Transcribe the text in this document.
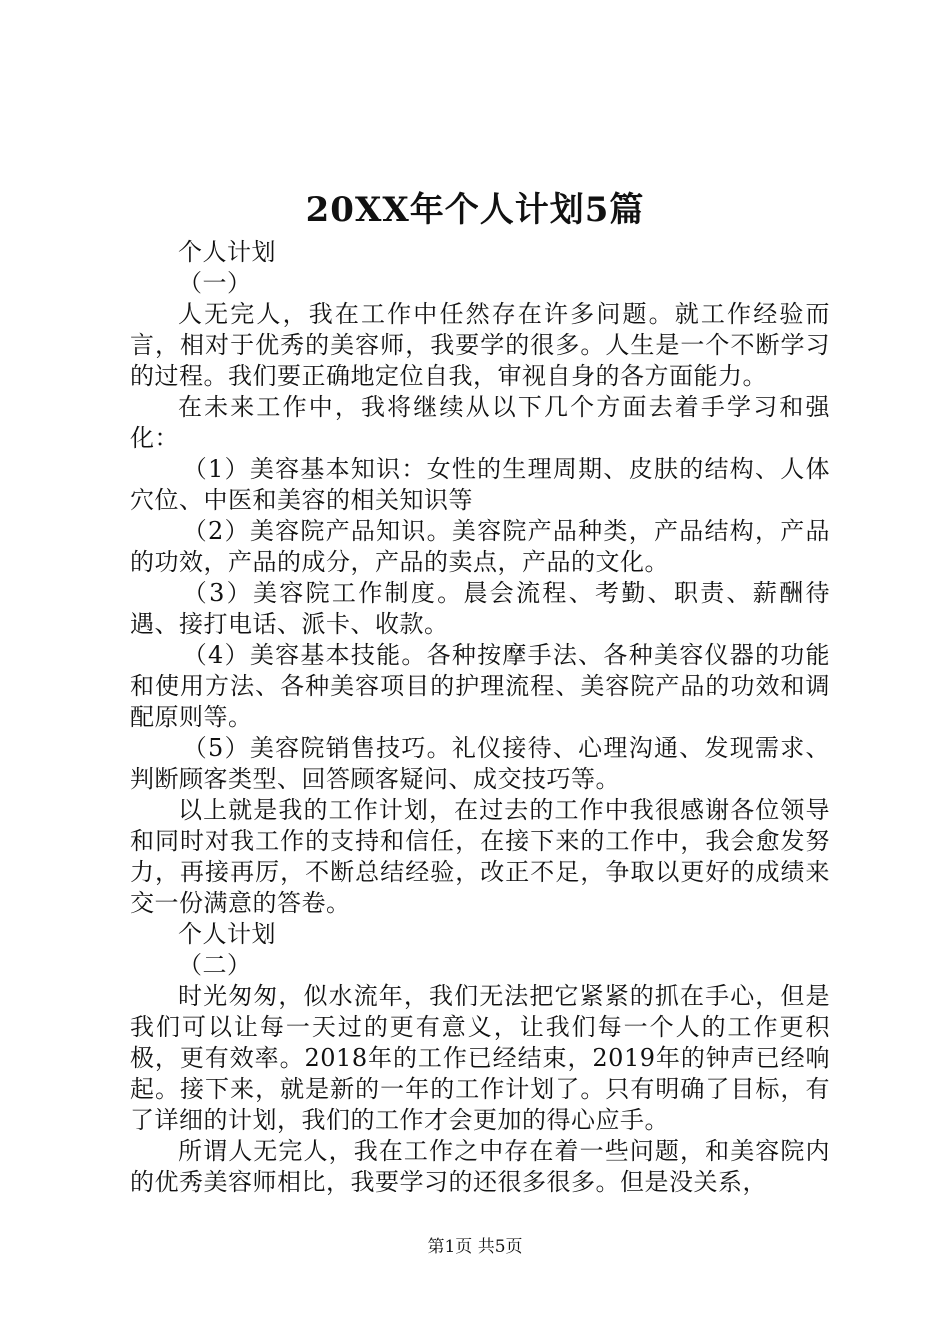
20XX年个人计划5篇

个人计划

（一）

人无完人，我在工作中任然存在许多问题。就工作经验而言，相对于优秀的美容师，我要学的很多。人生是一个不断学习的过程。我们要正确地定位自我，审视自身的各方面能力。

在未来工作中，我将继续从以下几个方面去着手学习和强化：

（1）美容基本知识：女性的生理周期、皮肤的结构、人体穴位、中医和美容的相关知识等

（2）美容院产品知识。美容院产品种类，产品结构，产品的功效，产品的成分，产品的卖点，产品的文化。

（3）美容院工作制度。晨会流程、考勤、职责、薪酬待遇、接打电话、派卡、收款。

（4）美容基本技能。各种按摩手法、各种美容仪器的功能和使用方法、各种美容项目的护理流程、美容院产品的功效和调配原则等。

（5）美容院销售技巧。礼仪接待、心理沟通、发现需求、判断顾客类型、回答顾客疑问、成交技巧等。

以上就是我的工作计划，在过去的工作中我很感谢各位领导和同时对我工作的支持和信任，在接下来的工作中，我会愈发努力，再接再厉，不断总结经验，改正不足，争取以更好的成绩来交一份满意的答卷。

个人计划

（二）

时光匆匆，似水流年，我们无法把它紧紧的抓在手心，但是我们可以让每一天过的更有意义，让我们每一个人的工作更积极，更有效率。2018年的工作已经结束，2019年的钟声已经响起。接下来，就是新的一年的工作计划了。只有明确了目标，有了详细的计划，我们的工作才会更加的得心应手。

所谓人无完人，我在工作之中存在着一些问题，和美容院内的优秀美容师相比，我要学习的还很多很多。但是没关系，

第1页 共5页
